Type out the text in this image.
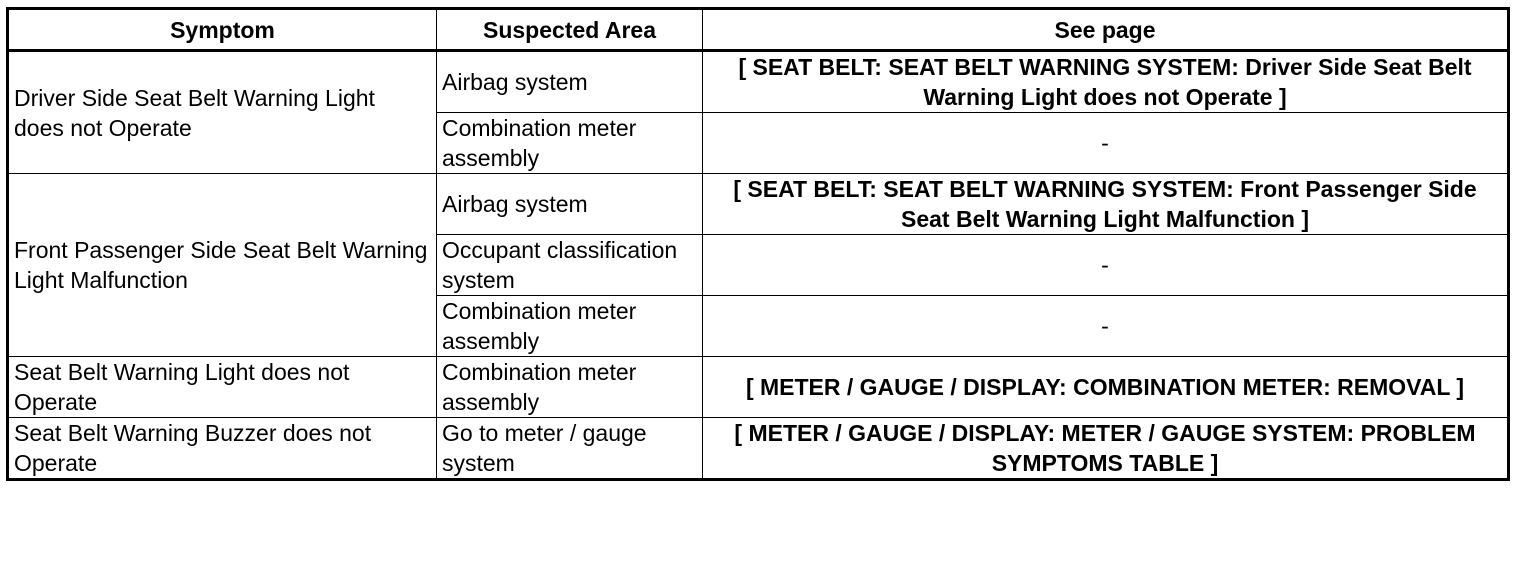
Symptom	Suspected Area	See page
Driver Side Seat Belt Warning Light does not Operate	Airbag system	[ SEAT BELT: SEAT BELT WARNING SYSTEM: Driver Side Seat Belt Warning Light does not Operate ]
	Combination meter assembly	-
Front Passenger Side Seat Belt Warning Light Malfunction	Airbag system	[ SEAT BELT: SEAT BELT WARNING SYSTEM: Front Passenger Side Seat Belt Warning Light Malfunction ]
	Occupant classification system	-
	Combination meter assembly	-
Seat Belt Warning Light does not Operate	Combination meter assembly	[ METER / GAUGE / DISPLAY: COMBINATION METER: REMOVAL ]
Seat Belt Warning Buzzer does not Operate	Go to meter / gauge system	[ METER / GAUGE / DISPLAY: METER / GAUGE SYSTEM: PROBLEM SYMPTOMS TABLE ]
